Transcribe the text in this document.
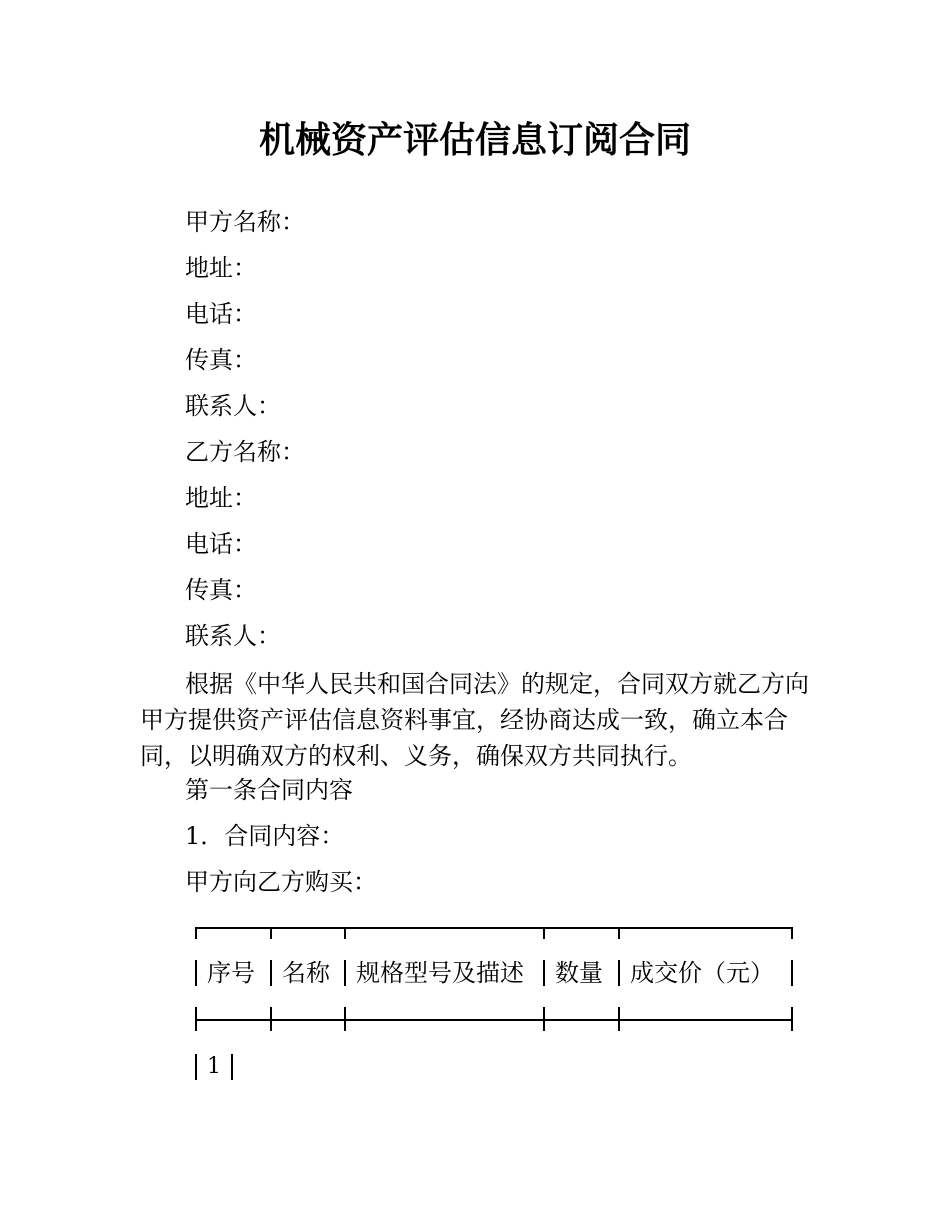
机械资产评估信息订阅合同
甲方名称：
地址：
电话：
传真：
联系人：
乙方名称：
地址：
电话：
传真：
联系人：
根据《中华人民共和国合同法》的规定，合同双方就乙方向甲方提供资产评估信息资料事宜，经协商达成一致，确立本合同，以明确双方的权利、义务，确保双方共同执行。
第一条合同内容
1．合同内容：
甲方向乙方购买：
序号 名称 规格型号及描述 数量 成交价（元）
1
